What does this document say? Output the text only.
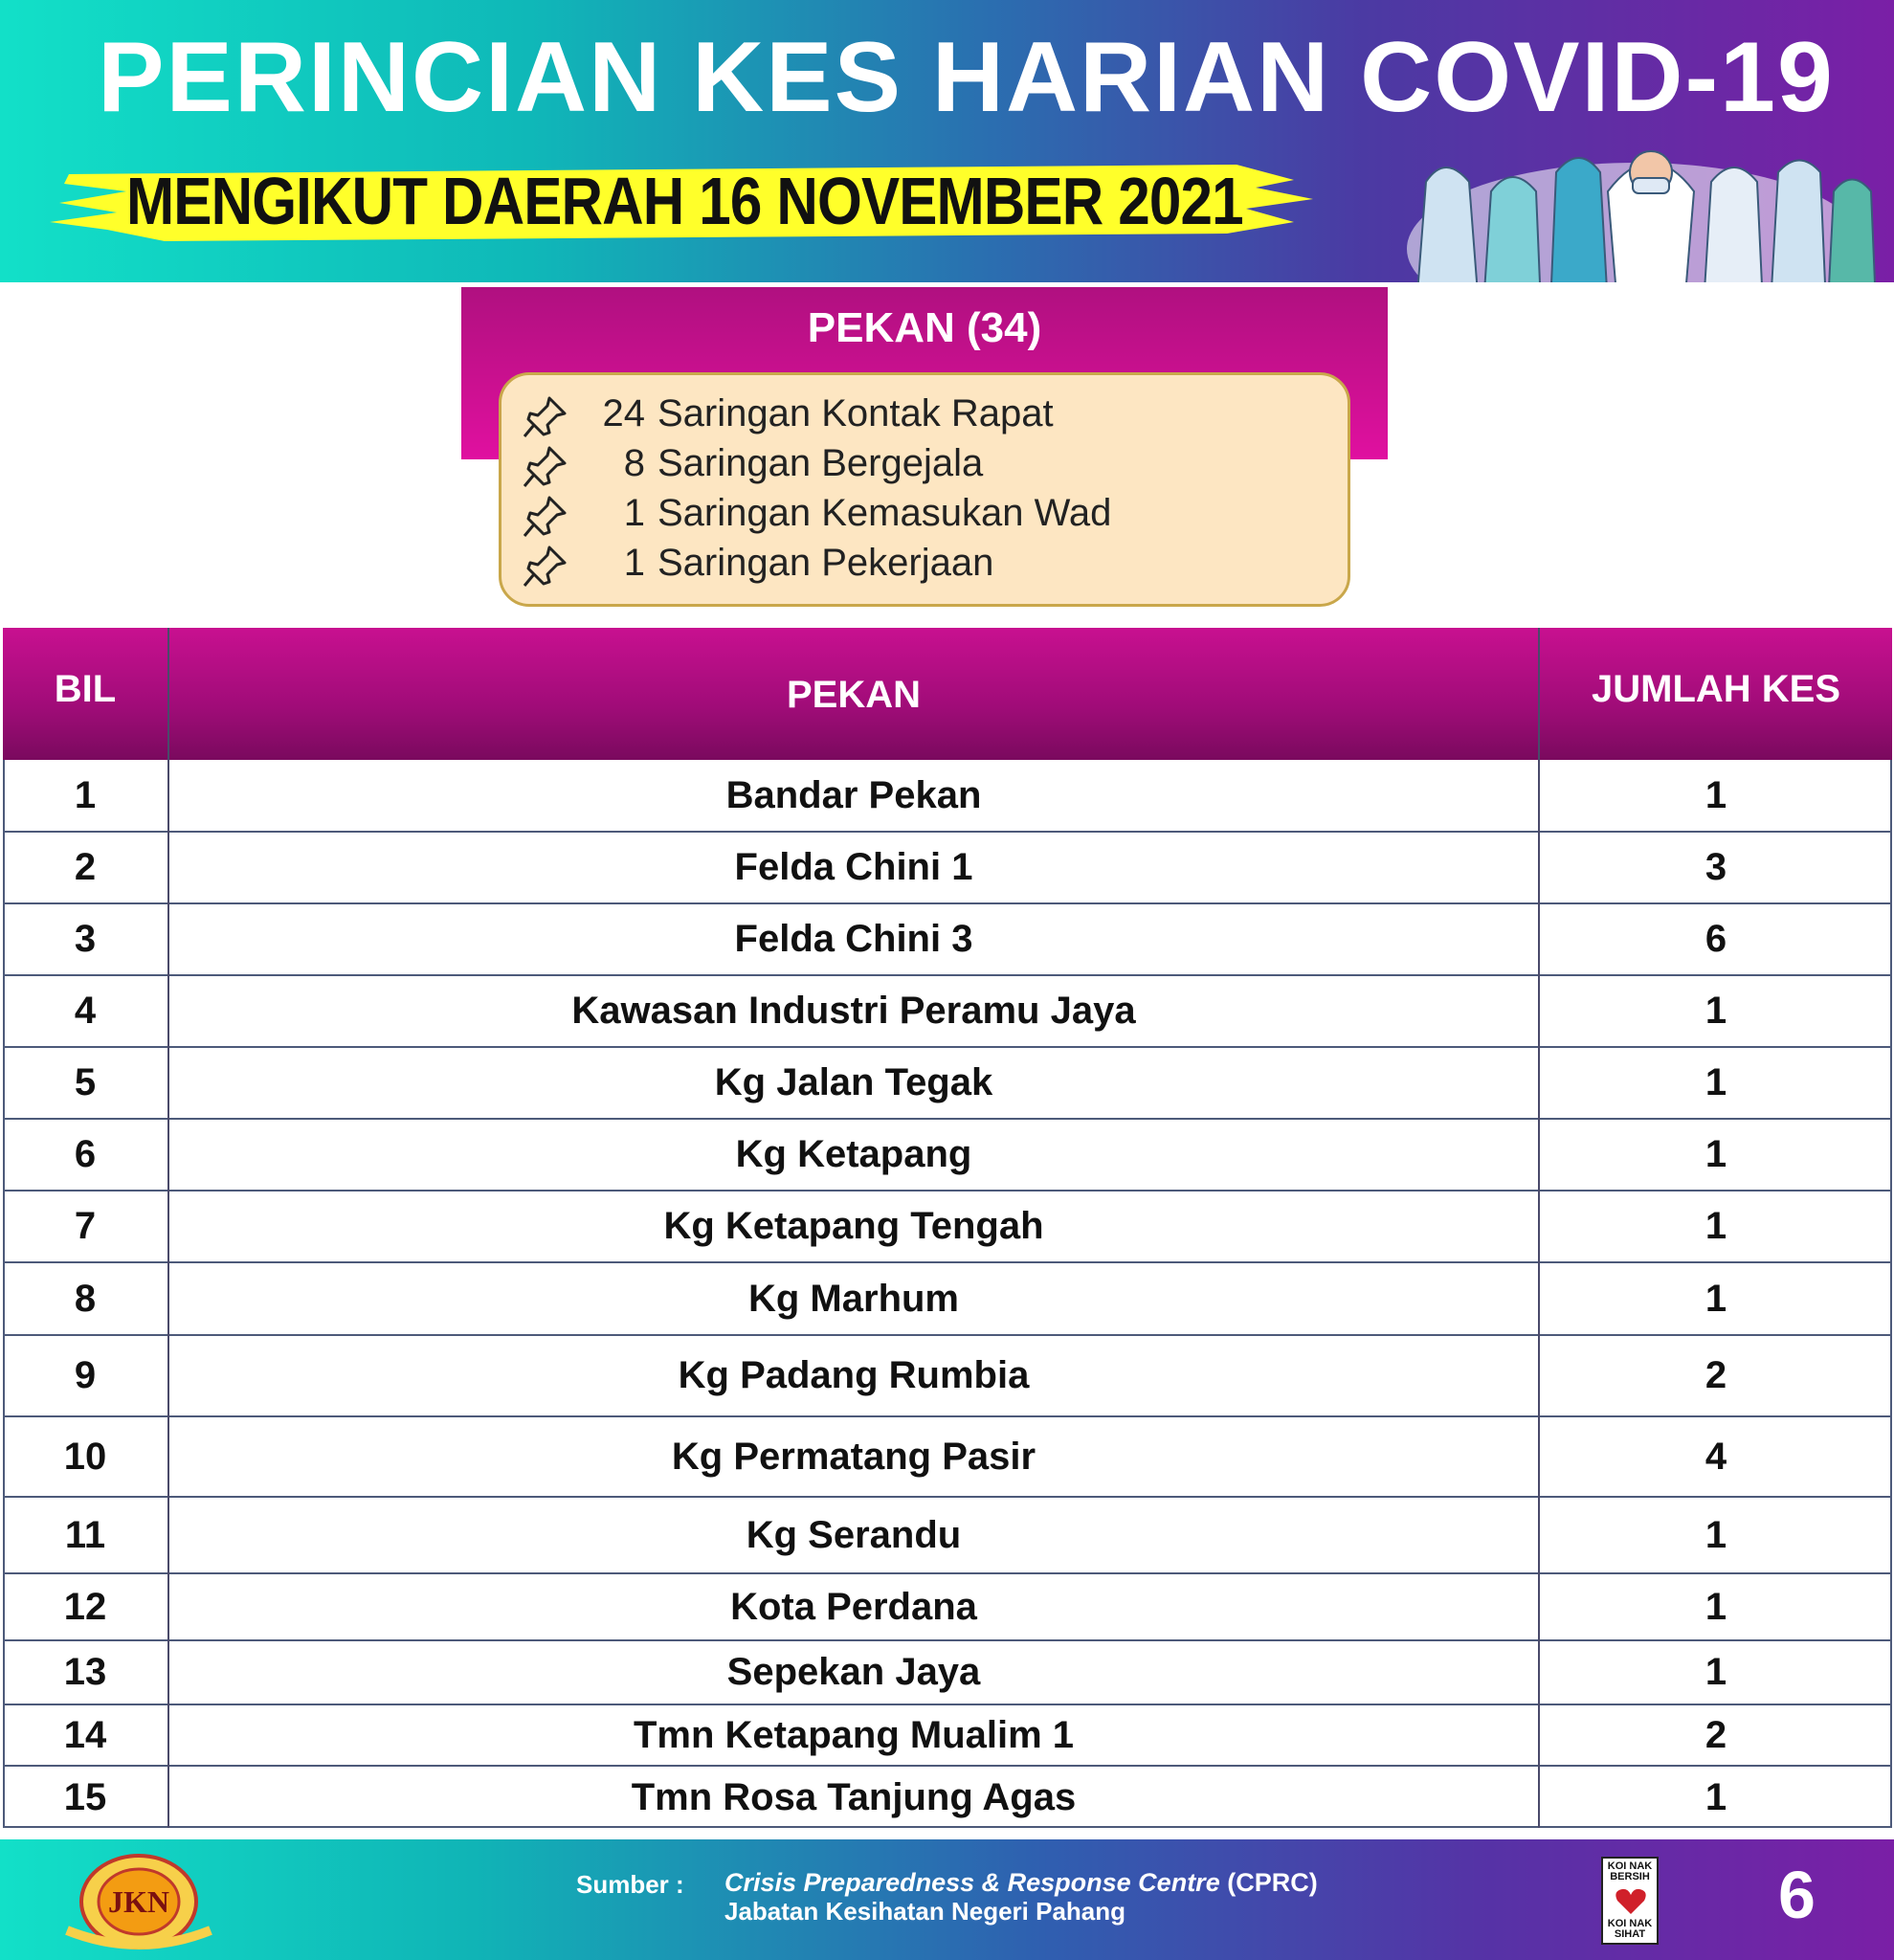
PERINCIAN KES HARIAN COVID-19
MENGIKUT DAERAH 16 NOVEMBER 2021
PEKAN (34)
24 Saringan Kontak Rapat
8 Saringan Bergejala
1 Saringan Kemasukan Wad
1 Saringan Pekerjaan
BIL	PEKAN	JUMLAH KES
1	Bandar Pekan	1
2	Felda Chini 1	3
3	Felda Chini 3	6
4	Kawasan Industri Peramu Jaya	1
5	Kg Jalan Tegak	1
6	Kg Ketapang	1
7	Kg Ketapang Tengah	1
8	Kg Marhum	1
9	Kg Padang Rumbia	2
10	Kg Permatang Pasir	4
11	Kg Serandu	1
12	Kota Perdana	1
13	Sepekan Jaya	1
14	Tmn Ketapang Mualim 1	2
15	Tmn Rosa Tanjung Agas	1
JKN	Sumber : Crisis Preparedness & Response Centre (CPRC)
Jabatan Kesihatan Negeri Pahang
KOI NAK BERSIH
KOI NAK SIHAT
6
